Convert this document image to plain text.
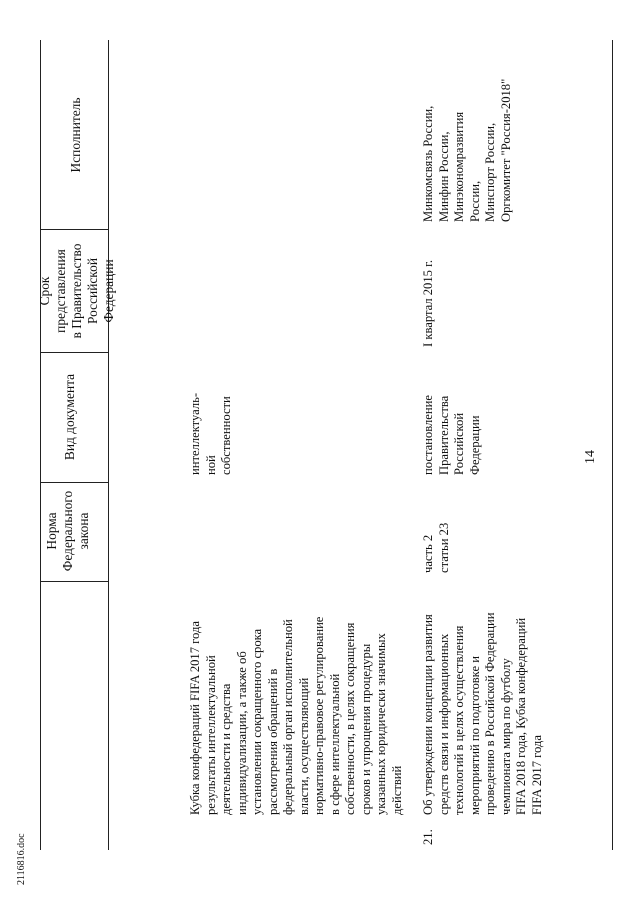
14
Норма
Федерального
закона
Вид документа
Срок
представления
в Правительство
Российской
Федерации
Исполнитель
Кубка конфедераций FIFA 2017 года
результаты интеллектуальной
деятельности и средства
индивидуализации, а также об
установлении сокращенного срока
рассмотрения обращений в
федеральный орган исполнительной
власти, осуществляющий
нормативно-правовое регулирование
в сфере интеллектуальной
собственности, в целях сокращения
сроков и упрощения процедуры
указанных юридически значимых
действий
интеллектуаль-
ной
собственности
21.
Об утверждении концепции развития
средств связи и информационных
технологий в целях осуществления
мероприятий по подготовке и
проведению в Российской Федерации
чемпионата мира по футболу
FIFA 2018 года, Кубка конфедераций
FIFA 2017 года
часть 2
статьи 23
постановление
Правительства
Российской
Федерации
I квартал 2015 г.
Минкомсвязь России,
Минфин России,
Минэкономразвития
России,
Минспорт России,
Оргкомитет "Россия-2018"
2116816.doc
